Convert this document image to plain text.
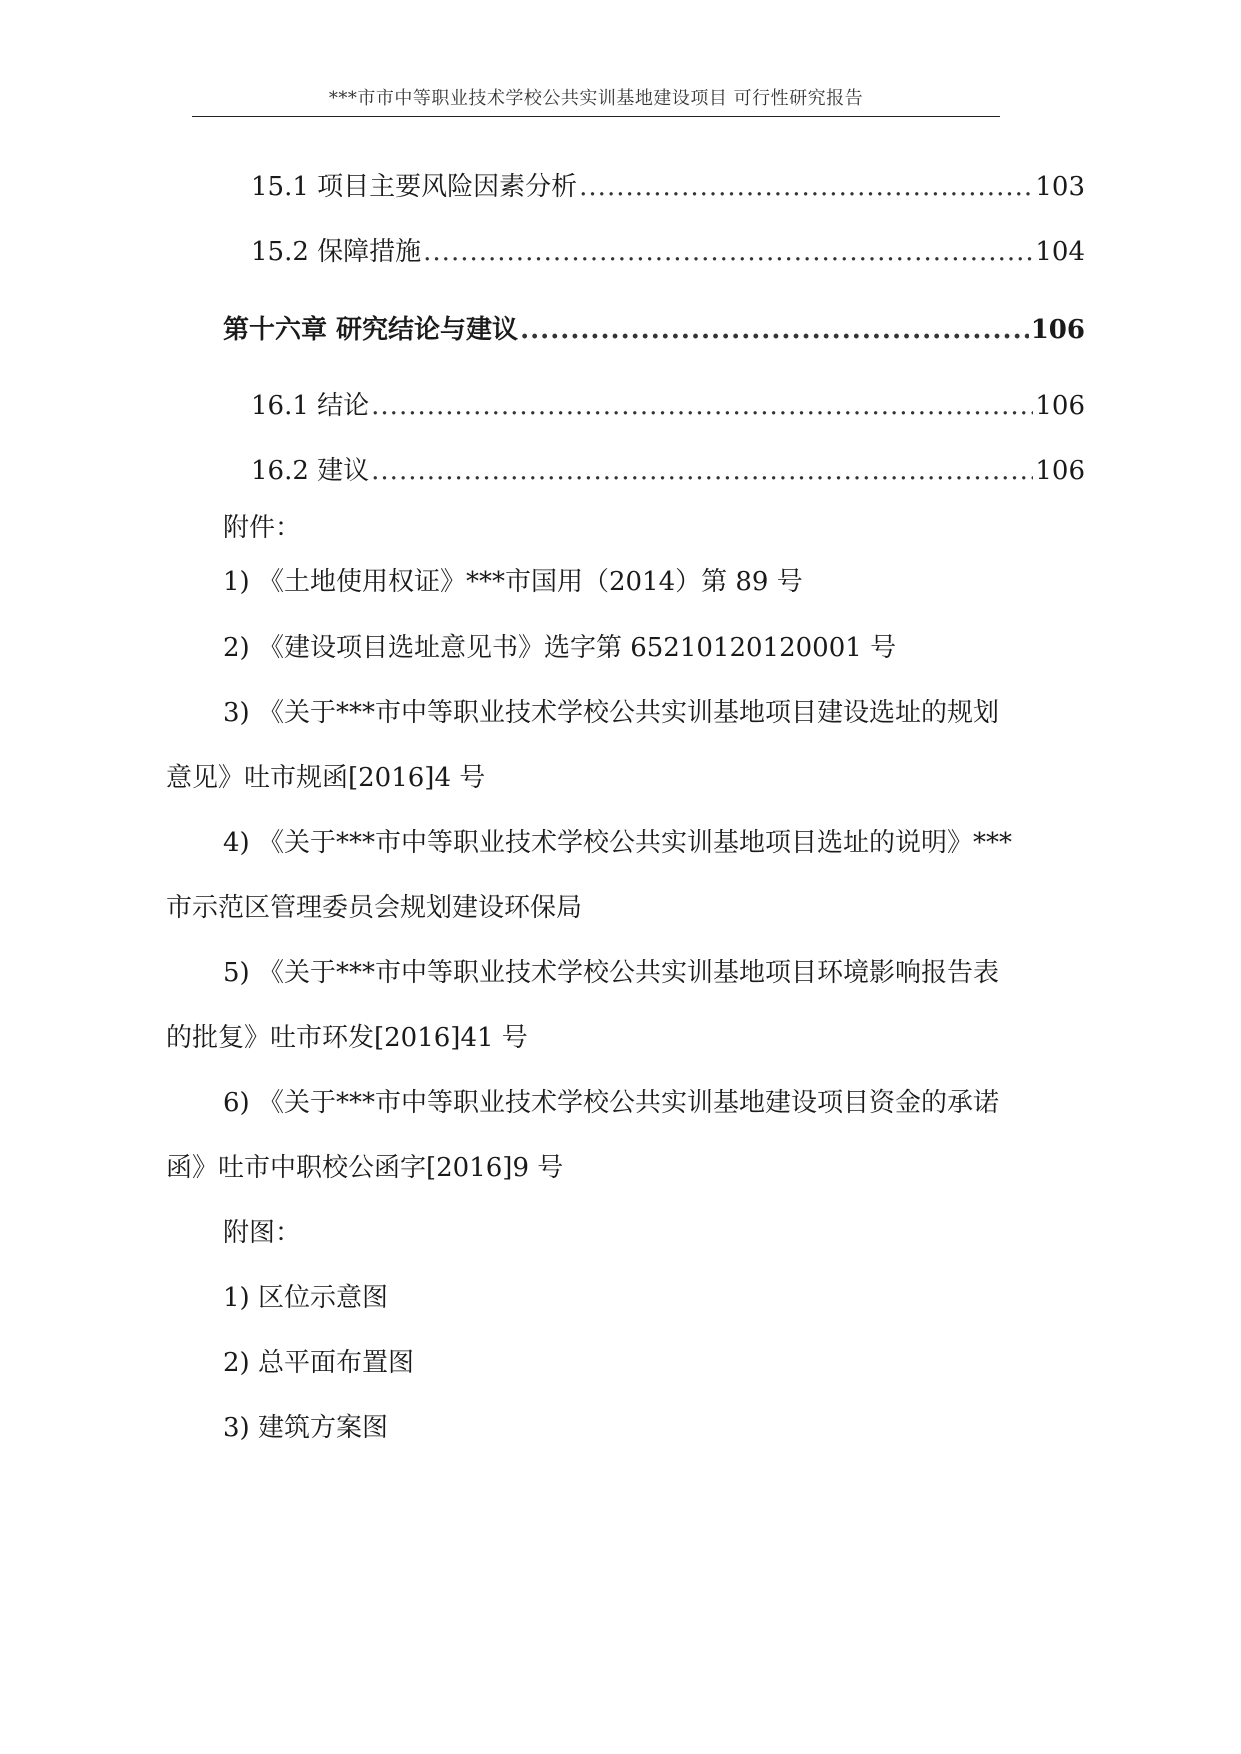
***市市中等职业技术学校公共实训基地建设项目 可行性研究报告
15.1 项目主要风险因素分析 .....	103
15.2 保障措施 .....	104
第十六章 研究结论与建议 .....	106
16.1 结论 .....	106
16.2 建议 .....	106
附件：
1) 《土地使用权证》***市国用（2014）第 89 号
2) 《建设项目选址意见书》选字第 65210120120001 号
3) 《关于***市中等职业技术学校公共实训基地项目建设选址的规划
意见》吐市规函[2016]4 号
4) 《关于***市中等职业技术学校公共实训基地项目选址的说明》***
市示范区管理委员会规划建设环保局
5) 《关于***市中等职业技术学校公共实训基地项目环境影响报告表
的批复》吐市环发[2016]41 号
6) 《关于***市中等职业技术学校公共实训基地建设项目资金的承诺
函》吐市中职校公函字[2016]9 号
附图：
1) 区位示意图
2) 总平面布置图
3) 建筑方案图
